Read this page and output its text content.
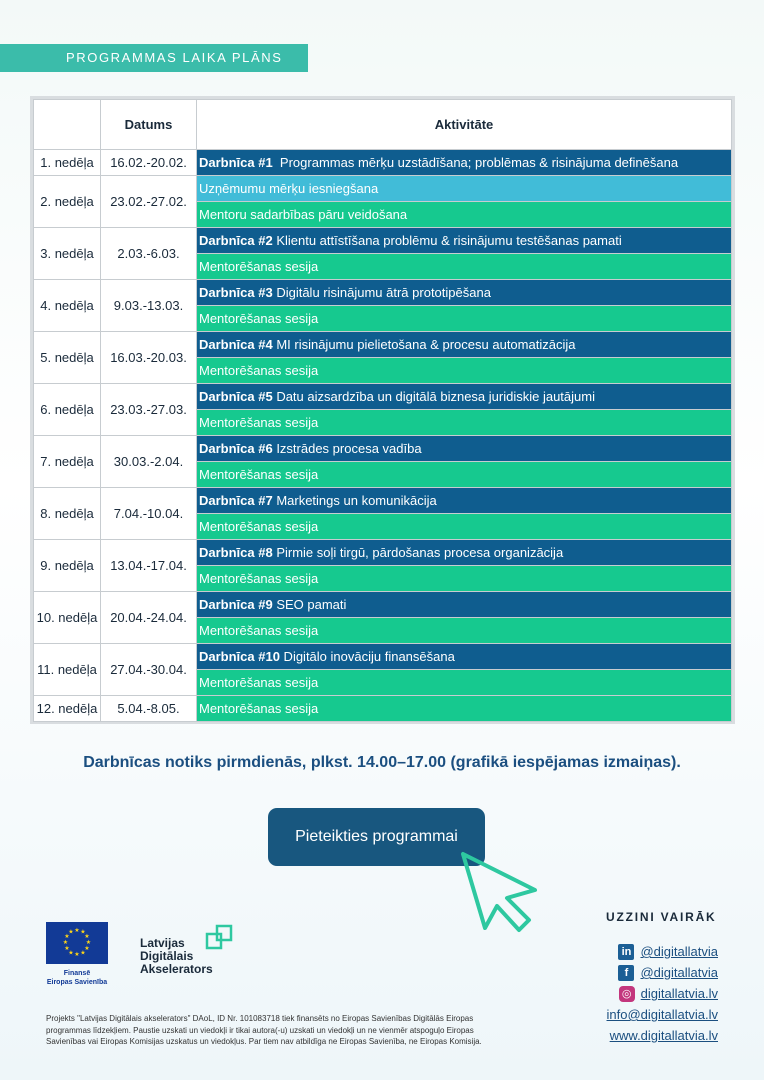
PROGRAMMAS LAIKA PLĀNS
	Datums	Aktivitāte
1. nedēļa	16.02.-20.02.	Darbnīca #1  Programmas mērķu uzstādīšana; problēmas & risinājuma definēšana
2. nedēļa	23.02.-27.02.	Uzņēmumu mērķu iesniegšana
		Mentoru sadarbības pāru veidošana
3. nedēļa	2.03.-6.03.	Darbnīca #2 Klientu attīstīšana problēmu & risinājumu testēšanas pamati
		Mentorēšanas sesija
4. nedēļa	9.03.-13.03.	Darbnīca #3 Digitālu risinājumu ātrā prototipēšana
		Mentorēšanas sesija
5. nedēļa	16.03.-20.03.	Darbnīca #4 MI risinājumu pielietošana & procesu automatizācija
		Mentorēšanas sesija
6. nedēļa	23.03.-27.03.	Darbnīca #5 Datu aizsardzība un digitālā biznesa juridiskie jautājumi
		Mentorēšanas sesija
7. nedēļa	30.03.-2.04.	Darbnīca #6 Izstrādes procesa vadība
		Mentorēšanas sesija
8. nedēļa	7.04.-10.04.	Darbnīca #7 Marketings un komunikācija
		Mentorēšanas sesija
9. nedēļa	13.04.-17.04.	Darbnīca #8 Pirmie soļi tirgū, pārdošanas procesa organizācija
		Mentorēšanas sesija
10. nedēļa	20.04.-24.04.	Darbnīca #9 SEO pamati
		Mentorēšanas sesija
11. nedēļa	27.04.-30.04.	Darbnīca #10 Digitālo inovāciju finansēšana
		Mentorēšanas sesija
12. nedēļa	5.04.-8.05.	Mentorēšanas sesija
Darbnīcas notiks pirmdienās, plkst. 14.00–17.00 (grafikā iespējamas izmaiņas).
Pieteikties programmai
UZZINI VAIRĀK
in @digitallatvia
f @digitallatvia
◎ digitallatvia.lv
info@digitallatvia.lv
www.digitallatvia.lv
★ ★
★
★
★
★
★
★
★
★
★
★
Finansē
Eiropas Savienība
Latvijas
Digitālais
Akselerators
Projekts "Latvijas Digitālais akselerators" DAoL, ID Nr. 101083718 tiek finansēts no Eiropas Savienības Digitālās Eiropas programmas līdzekļiem. Paustie uzskati un viedokļi ir tikai autora(-u) uzskati un viedokļi un ne vienmēr atspoguļo Eiropas Savienības vai Eiropas Komisijas uzskatus un viedokļus. Par tiem nav atbildīga ne Eiropas Savienība, ne Eiropas Komisija.
